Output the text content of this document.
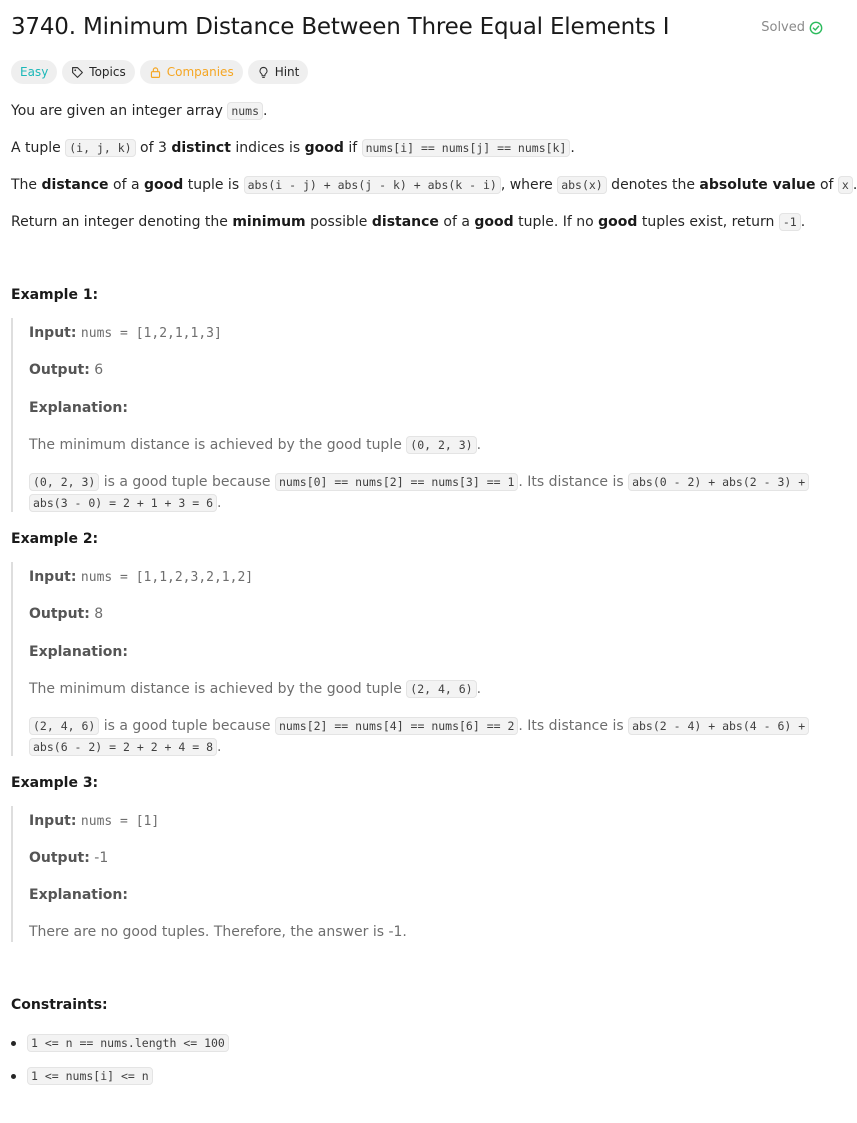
3740. Minimum Distance Between Three Equal Elements I	Solved
Easy	Topics	Companies	Hint
You are given an integer array nums .
A tuple (i, j, k) of 3 distinct indices is good if nums[i] == nums[j] == nums[k] .
The distance of a good tuple is abs(i - j) + abs(j - k) + abs(k - i) , where abs(x) denotes the absolute value of x .
Return an integer denoting the minimum possible distance of a good tuple. If no good tuples exist, return -1 .
Example 1:
Input: nums = [1,2,1,1,3]
Output: 6
Explanation:
The minimum distance is achieved by the good tuple (0, 2, 3) .
(0, 2, 3) is a good tuple because nums[0] == nums[2] == nums[3] == 1 . Its distance is abs(0 - 2) + abs(2 - 3) +
abs(3 - 0) = 2 + 1 + 3 = 6 .
Example 2:
Input: nums = [1,1,2,3,2,1,2]
Output: 8
Explanation:
The minimum distance is achieved by the good tuple (2, 4, 6) .
(2, 4, 6) is a good tuple because nums[2] == nums[4] == nums[6] == 2 . Its distance is abs(2 - 4) + abs(4 - 6) +
abs(6 - 2) = 2 + 2 + 4 = 8 .
Example 3:
Input: nums = [1]
Output: -1
Explanation:
There are no good tuples. Therefore, the answer is -1.
Constraints:
1 <= n == nums.length <= 100
1 <= nums[i] <= n
